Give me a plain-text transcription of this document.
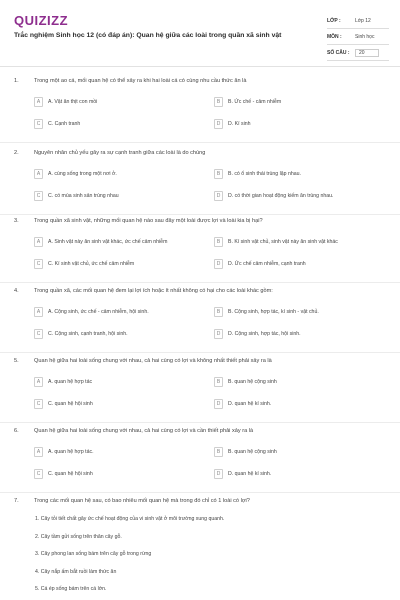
QUIZIZZ
Trắc nghiệm Sinh học 12 (có đáp án): Quan hệ giữa các loài trong quần xã sinh vật
LỚP :	Lớp 12
MÔN :	Sinh học
SỐ CÂU :	20
1.	Trong một ao cá, mối quan hệ có thể xảy ra khi hai loài cá có cùng nhu cầu thức ăn là
A	A. Vật ăn thịt con mồi	B	B. Ức chế - cảm nhiễm
C	C. Cạnh tranh	D	D. Kí sinh
2.	Nguyên nhân chủ yếu gây ra sự cạnh tranh giữa các loài là do chúng
A	A. cùng sống trong một nơi ở.	B	B. có ổ sinh thái trùng lặp nhau.
C	C. có mùa sinh sản trùng nhau	D	D. có thời gian hoạt động kiếm ăn trùng nhau.
3.	Trong quần xã sinh vật, những mối quan hệ nào sau đây một loài được lợi và loài kia bị hại?
A	A. Sinh vật này ăn sinh vật khác, ức chế cảm nhiễm	B	B. Kí sinh vật chủ, sinh vật này ăn sinh vật khác
C	C. Kí sinh vật chủ, ức chế cảm nhiễm	D	D. Ức chế cảm nhiễm, cạnh tranh
4.	Trong quần xã, các mối quan hệ đem lại lợi ích hoặc ít nhất không có hại cho các loài khác gồm:
A	A. Cộng sinh, ức chế - cảm nhiễm, hội sinh.	B	B. Cộng sinh, hợp tác, kí sinh - vật chủ.
C	C. Cộng sinh, cạnh tranh, hội sinh.	D	D. Cộng sinh, hợp tác, hội sinh.
5.	Quan hệ giữa hai loài sống chung với nhau, cả hai cùng có lợi và không nhất thiết phải xảy ra là
A	A. quan hệ hợp tác	B	B. quan hệ cộng sinh
C	C. quan hệ hội sinh	D	D. quan hệ kí sinh.
6.	Quan hệ giữa hai loài sống chung với nhau, cả hai cùng có lợi và cần thiết phải xảy ra là
A	A. quan hệ hợp tác.	B	B. quan hệ cộng sinh
C	C. quan hệ hội sinh	D	D. quan hệ kí sinh.
7.	Trong các mối quan hệ sau, có bao nhiêu mối quan hệ mà trong đó chỉ có 1 loài có lợi?
1. Cây tỏi tiết chất gây ức chế hoạt động của vi sinh vật ở môi trường xung quanh.
2. Cây tầm gửi sống trên thân cây gỗ.
3. Cây phong lan sống bám trên cây gỗ trong rừng
4. Cây nắp ấm bắt ruồi làm thức ăn
5. Cá ép sống bám trên cá lớn.
